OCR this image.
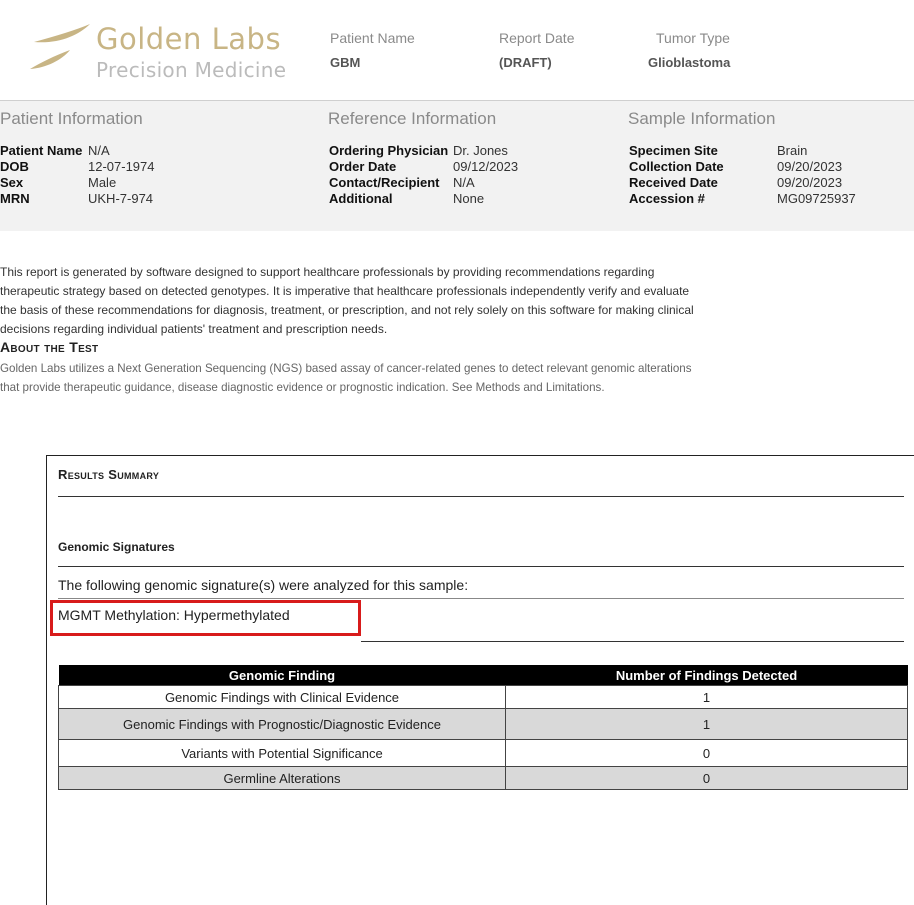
Golden Labs
Precision Medicine
Patient Name
GBM
Report Date
(DRAFT)
Tumor Type
Glioblastoma
Patient Information
Patient Name	N/A
DOB	12-07-1974
Sex	Male
MRN	UKH-7-974
Reference Information
Ordering Physician	Dr. Jones
Order Date	09/12/2023
Contact/Recipient	N/A
Additional	None
Sample Information
Specimen Site	Brain
Collection Date	09/20/2023
Received Date	09/20/2023
Accession #	MG09725937
This report is generated by software designed to support healthcare professionals by providing recommendations regarding
therapeutic strategy based on detected genotypes. It is imperative that healthcare professionals independently verify and evaluate
the basis of these recommendations for diagnosis, treatment, or prescription, and not rely solely on this software for making clinical
decisions regarding individual patients' treatment and prescription needs.
About the Test
Golden Labs utilizes a Next Generation Sequencing (NGS) based assay of cancer-related genes to detect relevant genomic alterations
that provide therapeutic guidance, disease diagnostic evidence or prognostic indication. See Methods and Limitations.
Results Summary
Genomic Signatures
The following genomic signature(s) were analyzed for this sample:
MGMT Methylation: Hypermethylated
Genomic Finding	Number of Findings Detected
Genomic Findings with Clinical Evidence	1
Genomic Findings with Prognostic/Diagnostic Evidence	1
Variants with Potential Significance	0
Germline Alterations	0
